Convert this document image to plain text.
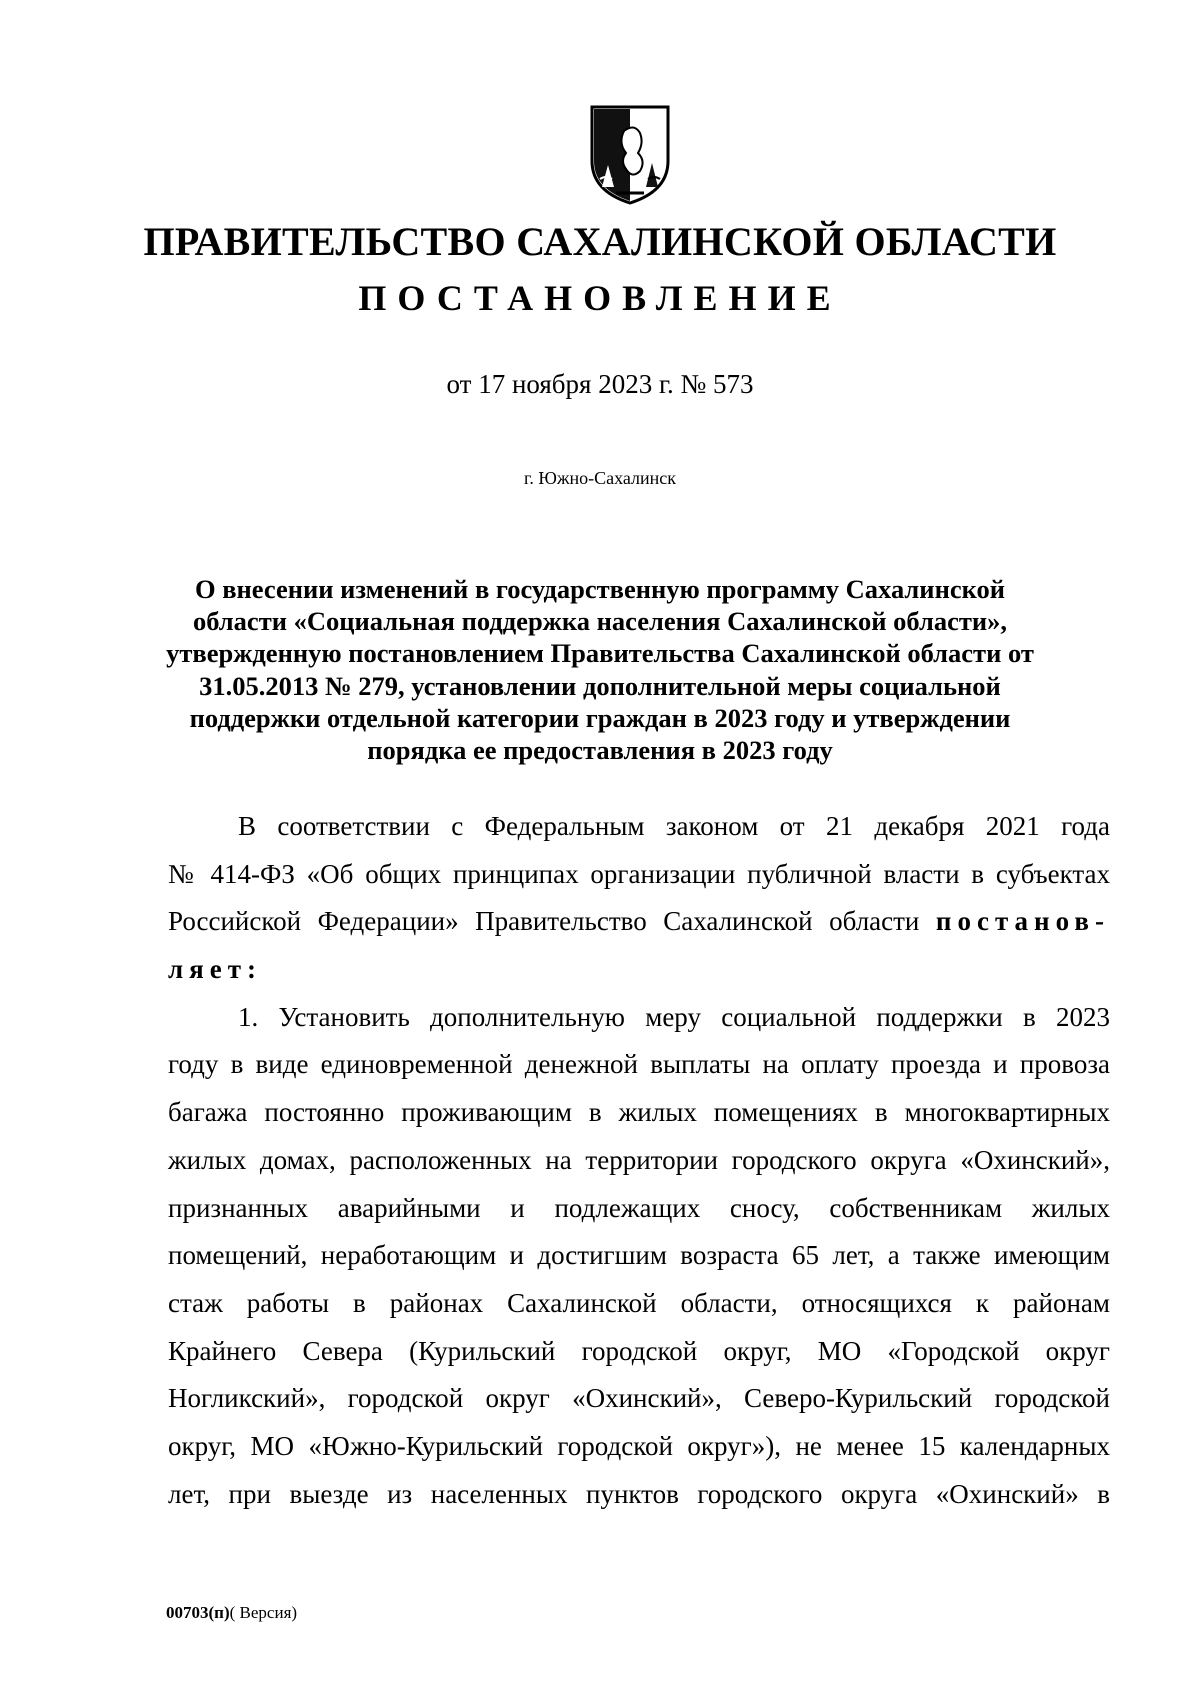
ПРАВИТЕЛЬСТВО САХАЛИНСКОЙ ОБЛАСТИ
ПОСТАНОВЛЕНИЕ

от 17 ноября 2023 г. № 573

г. Южно-Сахалинск

О внесении изменений в государственную программу Сахалинской
области «Социальная поддержка населения Сахалинской области»,
утвержденную постановлением Правительства Сахалинской области от
31.05.2013 № 279, установлении дополнительной меры социальной
поддержки отдельной категории граждан в 2023 году и утверждении
порядка ее предоставления в 2023 году
В соответствии с Федеральным законом от 21 декабря 2021 года
№ 414-ФЗ «Об общих принципах организации публичной власти в субъектах
Российской Федерации» Правительство Сахалинской области постанов-
ляет:
1. Установить дополнительную меру социальной поддержки в 2023
году в виде единовременной денежной выплаты на оплату проезда и провоза
багажа постоянно проживающим в жилых помещениях в многоквартирных
жилых домах, расположенных на территории городского округа «Охинский»,
признанных аварийными и подлежащих сносу, собственникам жилых
помещений, неработающим и достигшим возраста 65 лет, а также имеющим
стаж работы в районах Сахалинской области, относящихся к районам
Крайнего Севера (Курильский городской округ, МО «Городской округ
Ногликский», городской округ «Охинский», Северо-Курильский городской
округ, МО «Южно-Курильский городской округ»), не менее 15 календарных
лет, при выезде из населенных пунктов городского округа «Охинский» в

00703(п)( Версия)
